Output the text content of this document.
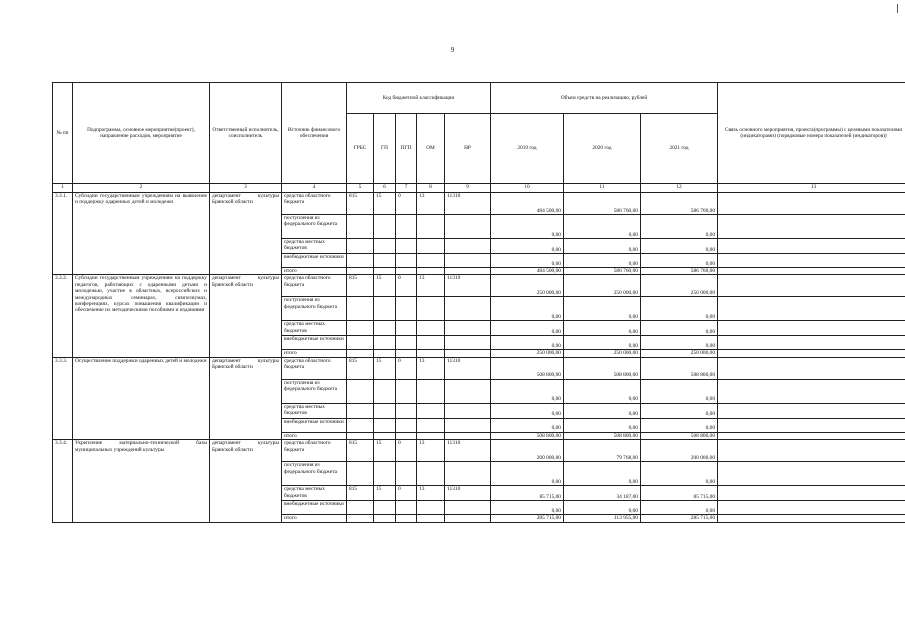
9
№ пп	Подпрограмма, основное мероприятие(проект), направление расходов, мероприятие	Ответственный исполнитель, соисполнитель	Источник финансового обеспечения	Код бюджетной классификации					Объем средств на реализацию, рублей			Связь основного мероприятия, проекта(программы) с целевыми показателями (индикаторами) (порядковые номера показателей (индикаторов))
				ГРБС	ГП	ПГП	ОМ	НР	2019 год	2020 год	2021 год	
1	2	3	4	5	6	7	8	9	10	11	12	13
3.3.1.	Субсидии государственным учреждениям на выявление и поддержку одаренных детей и молодежи	департамент культуры Брянской области	средства областного бюджета	815	15	0	13	11310	484 500,00	586 760,00	586 760,00	
			поступления из федерального бюджета						0,00	0,00	0,00	
			средства местных бюджетов						0,00	0,00	0,00	
			внебюджетные источники						0,00	0,00	0,00	
			итого						484 500,00	586 760,00	586 760,00	
3.3.2.	Субсидии государственным учреждениям на поддержку педагогов, работающих с одаренными детьми и молодежью, участие в областных, всероссийских и международных семинарах, симпозиумах, конференциях, курсах повышения квалификации и обеспечение их методическими пособиями и изданиями	департамент культуры Брянской области	средства областного бюджета	815	15	0	13	11310	250 000,00	250 000,00	250 000,00	
			поступления из федерального бюджета						0,00	0,00	0,00	
			средства местных бюджетов						0,00	0,00	0,00	
			внебюджетные источники						0,00	0,00	0,00	
			итого						250 000,00	250 000,00	250 000,00	
3.3.3.	Осуществление поддержки одаренных детей и молодежи	департамент культуры Брянской области	средства областного бюджета	815	15	0	13	11310	508 800,00	508 800,00	508 800,00	
			поступления из федерального бюджета						0,00	0,00	0,00	
			средства местных бюджетов						0,00	0,00	0,00	
			внебюджетные источники						0,00	0,00	0,00	
			итого						508 800,00	508 800,00	508 800,00	
3.3.4.	Укрепление материально-технической базы муниципальных учреждений культуры	департамент культуры Брянской области	средства областного бюджета	815	15	0	13	11310	200 000,00	79 768,00	200 000,00	
			поступления из федерального бюджета						0,00	0,00	0,00	
			средства местных бюджетов	815	15	0	13	11310	85 715,00	34 187,00	85 715,00	
			внебюджетные источники						0,00	0,00	0,00	
			итого						285 715,00	113 955,00	285 715,00	
